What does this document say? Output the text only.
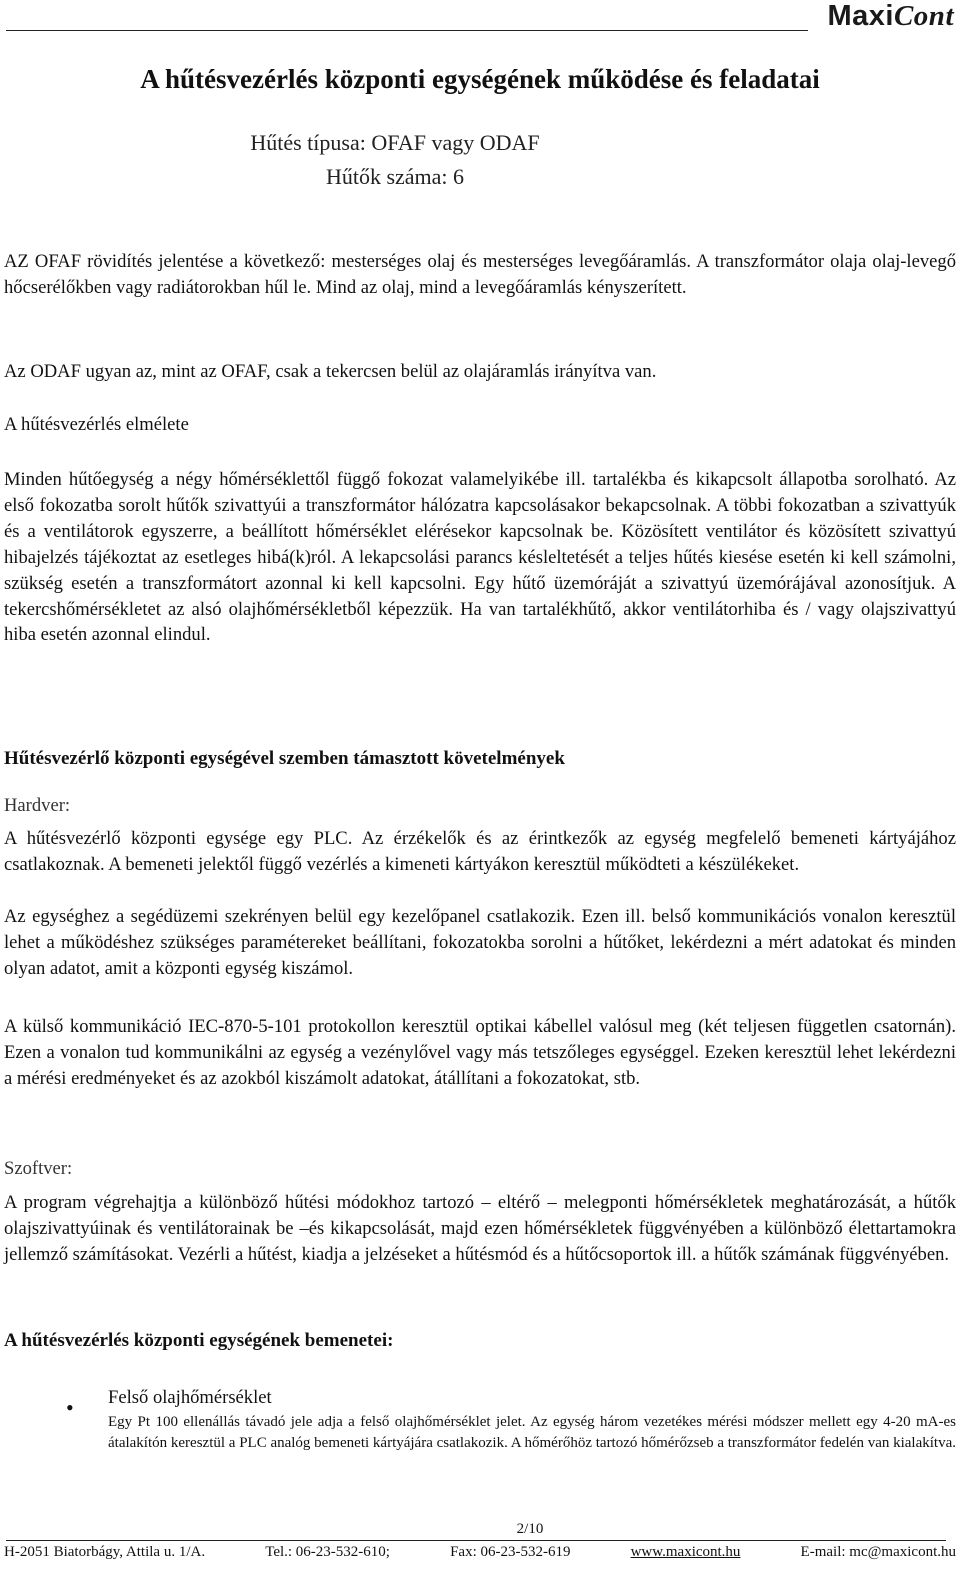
MaxiCont
A hűtésvezérlés központi egységének működése és feladatai
Hűtés típusa: OFAF vagy ODAF
Hűtők száma: 6
AZ OFAF rövidítés jelentése a következő: mesterséges olaj és mesterséges levegőáramlás. A transzformátor olaja olaj-levegő hőcserélőkben vagy radiátorokban hűl le. Mind az olaj, mind a levegőáramlás kényszerített.
Az ODAF ugyan az, mint az OFAF, csak a tekercsen belül az olajáramlás irányítva van.
A hűtésvezérlés elmélete
Minden hűtőegység a négy hőmérséklettől függő fokozat valamelyikébe ill. tartalékba és kikapcsolt állapotba sorolható. Az első fokozatba sorolt hűtők szivattyúi a transzformátor hálózatra kapcsolásakor bekapcsolnak. A többi fokozatban a szivattyúk és a ventilátorok egyszerre, a beállított hőmérséklet elérésekor kapcsolnak be. Közösített ventilátor és közösített szivattyú hibajelzés tájékoztat az esetleges hibá(k)ról. A lekapcsolási parancs késleltetését a teljes hűtés kiesése esetén ki kell számolni, szükség esetén a transzformátort azonnal ki kell kapcsolni. Egy hűtő üzemóráját a szivattyú üzemórájával azonosítjuk. A tekercshőmérsékletet az alsó olajhőmérsékletből képezzük. Ha van tartalékhűtő, akkor ventilátorhiba és / vagy olajszivattyú hiba esetén azonnal elindul.
Hűtésvezérlő központi egységével szemben támasztott követelmények
Hardver:
A hűtésvezérlő központi egysége egy PLC. Az érzékelők és az érintkezők az egység megfelelő bemeneti kártyájához csatlakoznak. A bemeneti jelektől függő vezérlés a kimeneti kártyákon keresztül működteti a készülékeket.
Az egységhez a segédüzemi szekrényen belül egy kezelőpanel csatlakozik. Ezen ill. belső kommunikációs vonalon keresztül lehet a működéshez szükséges paramétereket beállítani, fokozatokba sorolni a hűtőket, lekérdezni a mért adatokat és minden olyan adatot, amit a központi egység kiszámol.
A külső kommunikáció IEC-870-5-101 protokollon keresztül optikai kábellel valósul meg (két teljesen független csatornán). Ezen a vonalon tud kommunikálni az egység a vezénylővel vagy más tetszőleges egységgel. Ezeken keresztül lehet lekérdezni a mérési eredményeket és az azokból kiszámolt adatokat, átállítani a fokozatokat, stb.
Szoftver:
A program végrehajtja a különböző hűtési módokhoz tartozó – eltérő – melegponti hőmérsékletek meghatározását, a hűtők olajszivattyúinak és ventilátorainak be –és kikapcsolását, majd ezen hőmérsékletek függvényében a különböző élettartamokra jellemző számításokat. Vezérli a hűtést, kiadja a jelzéseket a hűtésmód és a hűtőcsoportok ill. a hűtők számának függvényében.
A hűtésvezérlés központi egységének bemenetei:
• Felső olajhőmérséklet
Egy Pt 100 ellenállás távadó jele adja a felső olajhőmérséklet jelet. Az egység három vezetékes mérési módszer mellett egy 4-20 mA-es átalakítón keresztül a PLC analóg bemeneti kártyájára csatlakozik. A hőmérőhöz tartozó hőmérőzseb a transzformátor fedelén van kialakítva.
2/10
H-2051 Biatorbágy, Attila u. 1/A.	Tel.: 06-23-532-610;	Fax: 06-23-532-619	www.maxicont.hu	E-mail: mc@maxicont.hu
